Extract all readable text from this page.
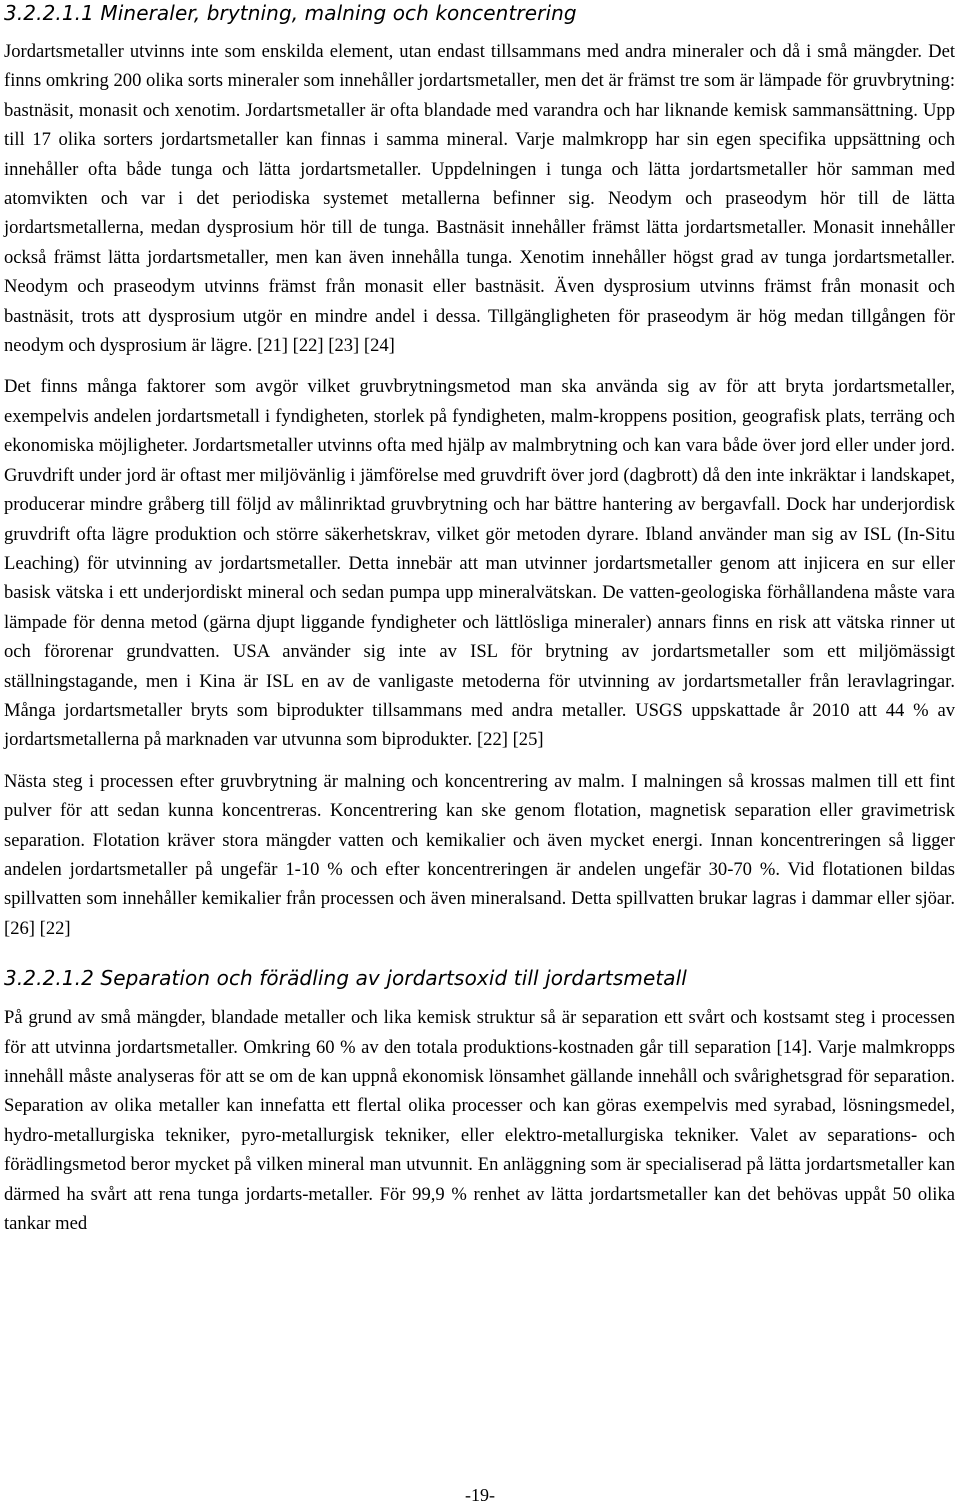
3.2.2.1.1 Mineraler, brytning, malning och koncentrering

Jordartsmetaller utvinns inte som enskilda element, utan endast tillsammans med andra mineraler och då i små mängder. Det finns omkring 200 olika sorts mineraler som innehåller jordartsmetaller, men det är främst tre som är lämpade för gruvbrytning: bastnäsit, monasit och xenotim. Jordartsmetaller är ofta blandade med varandra och har liknande kemisk sammansättning. Upp till 17 olika sorters jordartsmetaller kan finnas i samma mineral. Varje malmkropp har sin egen specifika uppsättning och innehåller ofta både tunga och lätta jordartsmetaller. Uppdelningen i tunga och lätta jordartsmetaller hör samman med atomvikten och var i det periodiska systemet metallerna befinner sig. Neodym och praseodym hör till de lätta jordartsmetallerna, medan dysprosium hör till de tunga. Bastnäsit innehåller främst lätta jordartsmetaller. Monasit innehåller också främst lätta jordartsmetaller, men kan även innehålla tunga. Xenotim innehåller högst grad av tunga jordartsmetaller. Neodym och praseodym utvinns främst från monasit eller bastnäsit. Även dysprosium utvinns främst från monasit och bastnäsit, trots att dysprosium utgör en mindre andel i dessa. Tillgängligheten för praseodym är hög medan tillgången för neodym och dysprosium är lägre. [21] [22] [23] [24]

Det finns många faktorer som avgör vilket gruvbrytningsmetod man ska använda sig av för att bryta jordartsmetaller, exempelvis andelen jordartsmetall i fyndigheten, storlek på fyndigheten, malm-kroppens position, geografisk plats, terräng och ekonomiska möjligheter. Jordartsmetaller utvinns ofta med hjälp av malmbrytning och kan vara både över jord eller under jord. Gruvdrift under jord är oftast mer miljövänlig i jämförelse med gruvdrift över jord (dagbrott) då den inte inkräktar i landskapet, producerar mindre gråberg till följd av målinriktad gruvbrytning och har bättre hantering av bergavfall. Dock har underjordisk gruvdrift ofta lägre produktion och större säkerhetskrav, vilket gör metoden dyrare. Ibland använder man sig av ISL (In-Situ Leaching) för utvinning av jordartsmetaller. Detta innebär att man utvinner jordartsmetaller genom att injicera en sur eller basisk vätska i ett underjordiskt mineral och sedan pumpa upp mineralvätskan. De vatten-geologiska förhållandena måste vara lämpade för denna metod (gärna djupt liggande fyndigheter och lättlösliga mineraler) annars finns en risk att vätska rinner ut och förorenar grundvatten. USA använder sig inte av ISL för brytning av jordartsmetaller som ett miljömässigt ställningstagande, men i Kina är ISL en av de vanligaste metoderna för utvinning av jordartsmetaller från leravlagringar. Många jordartsmetaller bryts som biprodukter tillsammans med andra metaller. USGS uppskattade år 2010 att 44 % av jordartsmetallerna på marknaden var utvunna som biprodukter. [22] [25]

Nästa steg i processen efter gruvbrytning är malning och koncentrering av malm. I malningen så krossas malmen till ett fint pulver för att sedan kunna koncentreras. Koncentrering kan ske genom flotation, magnetisk separation eller gravimetrisk separation. Flotation kräver stora mängder vatten och kemikalier och även mycket energi. Innan koncentreringen så ligger andelen jordartsmetaller på ungefär 1-10 % och efter koncentreringen är andelen ungefär 30-70 %. Vid flotationen bildas spillvatten som innehåller kemikalier från processen och även mineralsand. Detta spillvatten brukar lagras i dammar eller sjöar. [26] [22]

3.2.2.1.2 Separation och förädling av jordartsoxid till jordartsmetall

På grund av små mängder, blandade metaller och lika kemisk struktur så är separation ett svårt och kostsamt steg i processen för att utvinna jordartsmetaller. Omkring 60 % av den totala produktions-kostnaden går till separation [14]. Varje malmkropps innehåll måste analyseras för att se om de kan uppnå ekonomisk lönsamhet gällande innehåll och svårighetsgrad för separation. Separation av olika metaller kan innefatta ett flertal olika processer och kan göras exempelvis med syrabad, lösningsmedel, hydro-metallurgiska tekniker, pyro-metallurgisk tekniker, eller elektro-metallurgiska tekniker. Valet av separations- och förädlingsmetod beror mycket på vilken mineral man utvunnit. En anläggning som är specialiserad på lätta jordartsmetaller kan därmed ha svårt att rena tunga jordarts-metaller. För 99,9 % renhet av lätta jordartsmetaller kan det behövas uppåt 50 olika tankar med

-19-
